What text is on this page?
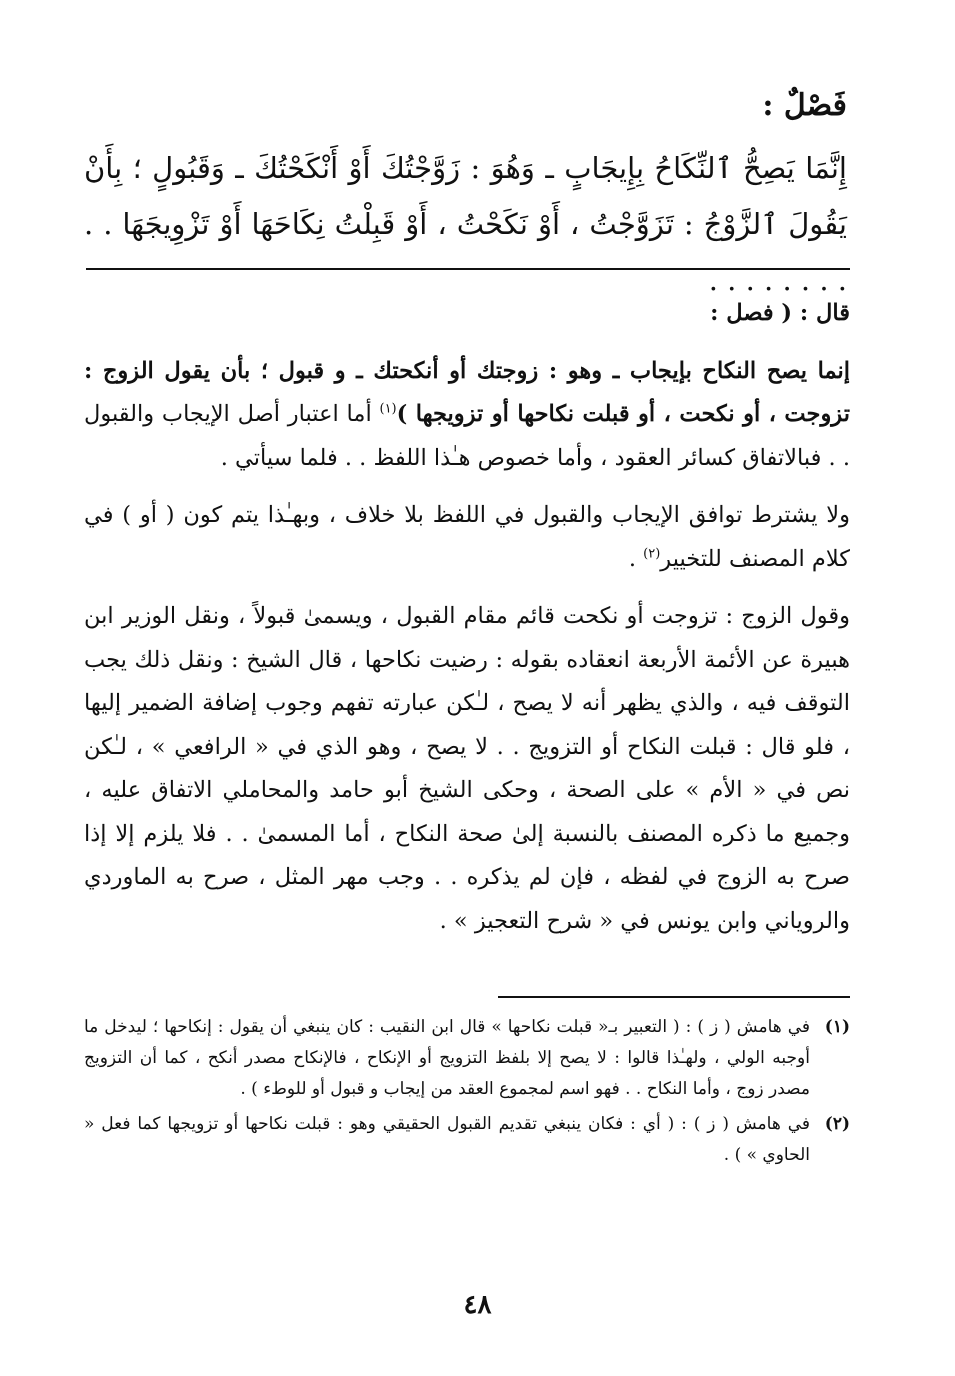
فَصْلٌ :
إِنَّمَا يَصِحُّ ٱلنِّكَاحُ بِإِيجَابٍ ـ وَهُوَ : زَوَّجْتُكَ أَوْ أَنْكَحْتُكَ ـ وَقَبُولٍ ؛ بِأَنْ يَقُولَ ٱلزَّوْجُ : تَزَوَّجْتُ ، أَوْ نَكَحْتُ ، أَوْ قَبِلْتُ نِكَاحَهَا أَوْ تَزْوِيجَهَا . . . . . . . . . .

قال : ( فصل :

إنما يصح النكاح بإيجاب ـ وهو : زوجتك أو أنكحتك ـ و قبول ؛ بأن يقول الزوج : تزوجت ، أو نكحت ، أو قبلت نكاحها أو تزويجها )$^{(١)}$ أما اعتبار أصل الإيجاب والقبول . . فبالاتفاق كسائر العقود ، وأما خصوص هـٰذا اللفظ . . فلما سيأتي .

ولا يشترط توافق الإيجاب والقبول في اللفظ بلا خلاف ، وبهـٰذا يتم كون ( أو ) في كلام المصنف للتخيير$^{(٢)}$ .

وقول الزوج : تزوجت أو نكحت قائم مقام القبول ، ويسمىٰ قبولاً ، ونقل الوزير ابن هبيرة عن الأئمة الأربعة انعقاده بقوله : رضيت نكاحها ، قال الشيخ : ونقل ذلك يجب التوقف فيه ، والذي يظهر أنه لا يصح ، لـٰكن عبارته تفهم وجوب إضافة الضمير إليها ، فلو قال : قبلت النكاح أو التزويج . . لا يصح ، وهو الذي في « الرافعي » ، لـٰكن نص في « الأم » على الصحة ، وحكى الشيخ أبو حامد والمحاملي الاتفاق عليه ، وجميع ما ذكره المصنف بالنسبة إلىٰ صحة النكاح ، أما المسمىٰ . . فلا يلزم إلا إذا صرح به الزوج في لفظه ، فإن لم يذكره . . وجب مهر المثل ، صرح به الماوردي والروياني وابن يونس في « شرح التعجيز » .

(١)
في هامش ( ز ) : ( التعبير بـ« قبلت نكاحها » قال ابن النقيب : كان ينبغي أن يقول : إنكاحها ؛ ليدخل ما أوجبه الولي ، ولهـٰذا قالوا : لا يصح إلا بلفظ التزويج أو الإنكاح ، فالإنكاح مصدر أنكح ، كما أن التزويج مصدر زوج ، وأما النكاح . . فهو اسم لمجموع العقد من إيجاب و قبول أو للوطء ) .
(٢)
في هامش ( ز ) : ( أي : فكان ينبغي تقديم القبول الحقيقي وهو : قبلت نكاحها أو تزويجها كما فعل « الحاوي » ) .
٤٨
